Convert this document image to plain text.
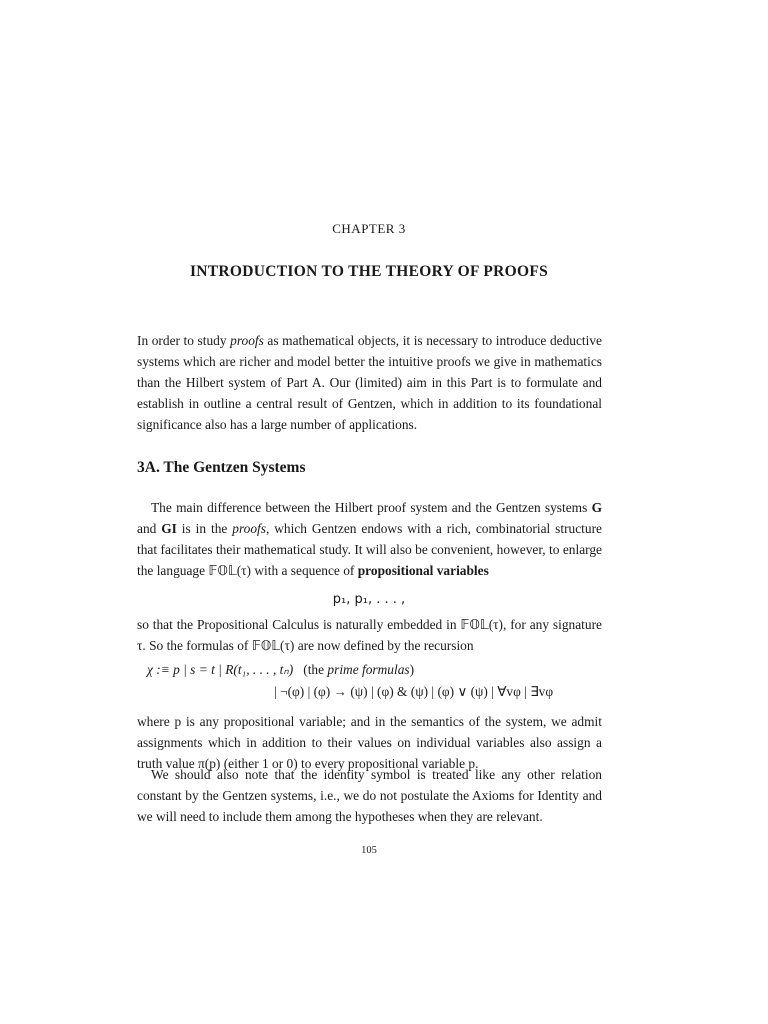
CHAPTER 3
INTRODUCTION TO THE THEORY OF PROOFS
In order to study proofs as mathematical objects, it is necessary to introduce deductive systems which are richer and model better the intuitive proofs we give in mathematics than the Hilbert system of Part A. Our (limited) aim in this Part is to formulate and establish in outline a central result of Gentzen, which in addition to its foundational significance also has a large number of applications.
3A. The Gentzen Systems
The main difference between the Hilbert proof system and the Gentzen systems G and GI is in the proofs, which Gentzen endows with a rich, combinatorial structure that facilitates their mathematical study. It will also be convenient, however, to enlarge the language 𝔽𝕆𝕃(τ) with a sequence of propositional variables
p₁, p₁, . . . ,
so that the Propositional Calculus is naturally embedded in 𝔽𝕆𝕃(τ), for any signature τ. So the formulas of 𝔽𝕆𝕃(τ) are now defined by the recursion
χ :≡ p | s = t | R(t₁, . . . , tₙ) (the prime formulas)
| ¬(φ) | (φ) → (ψ) | (φ) & (ψ) | (φ) ∨ (ψ) | ∀vφ | ∃vφ
where p is any propositional variable; and in the semantics of the system, we admit assignments which in addition to their values on individual variables also assign a truth value π(p) (either 1 or 0) to every propositional variable p.
We should also note that the identity symbol is treated like any other relation constant by the Gentzen systems, i.e., we do not postulate the Axioms for Identity and we will need to include them among the hypotheses when they are relevant.
105
